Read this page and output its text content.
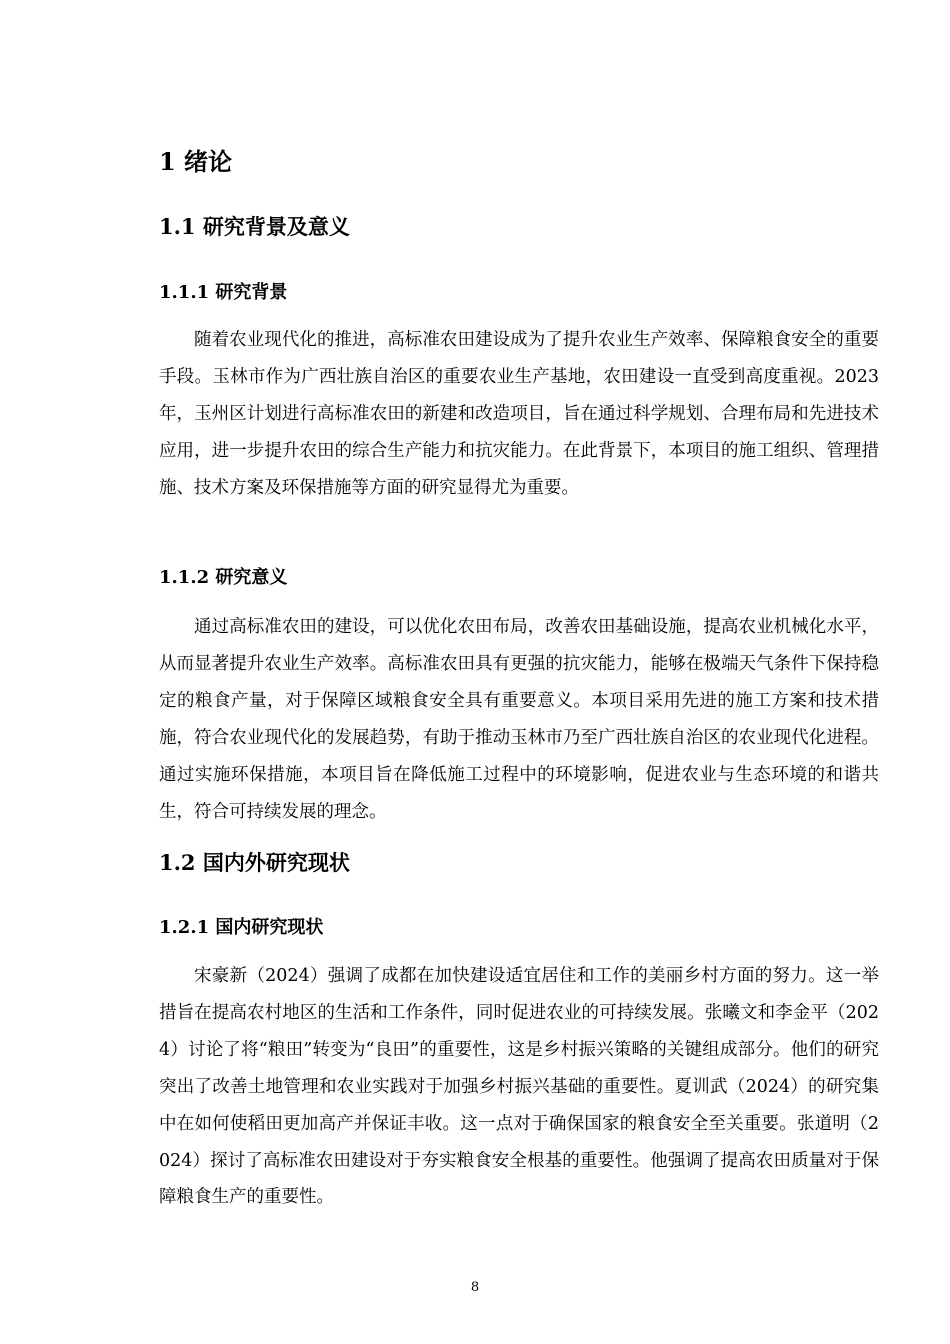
1 绪论
1.1 研究背景及意义
1.1.1 研究背景

随着农业现代化的推进，高标准农田建设成为了提升农业生产效率、保障粮食安全的重要手段。玉林市作为广西壮族自治区的重要农业生产基地，农田建设一直受到高度重视。2023 年，玉州区计划进行高标准农田的新建和改造项目，旨在通过科学规划、合理布局和先进技术应用，进一步提升农田的综合生产能力和抗灾能力。在此背景下，本项目的施工组织、管理措施、技术方案及环保措施等方面的研究显得尤为重要。

1.1.2 研究意义

通过高标准农田的建设，可以优化农田布局，改善农田基础设施，提高农业机械化水平，从而显著提升农业生产效率。高标准农田具有更强的抗灾能力，能够在极端天气条件下保持稳定的粮食产量，对于保障区域粮食安全具有重要意义。本项目采用先进的施工方案和技术措施，符合农业现代化的发展趋势，有助于推动玉林市乃至广西壮族自治区的农业现代化进程。通过实施环保措施，本项目旨在降低施工过程中的环境影响，促进农业与生态环境的和谐共生，符合可持续发展的理念。

1.2 国内外研究现状
1.2.1 国内研究现状

宋豪新（2024）强调了成都在加快建设适宜居住和工作的美丽乡村方面的努力。这一举措旨在提高农村地区的生活和工作条件，同时促进农业的可持续发展。张曦文和李金平（2024）讨论了将“粮田”转变为“良田”的重要性，这是乡村振兴策略的关键组成部分。他们的研究突出了改善土地管理和农业实践对于加强乡村振兴基础的重要性。夏训武（2024）的研究集中在如何使稻田更加高产并保证丰收。这一点对于确保国家的粮食安全至关重要。张道明（2024）探讨了高标准农田建设对于夯实粮食安全根基的重要性。他强调了提高农田质量对于保障粮食生产的重要性。

8
